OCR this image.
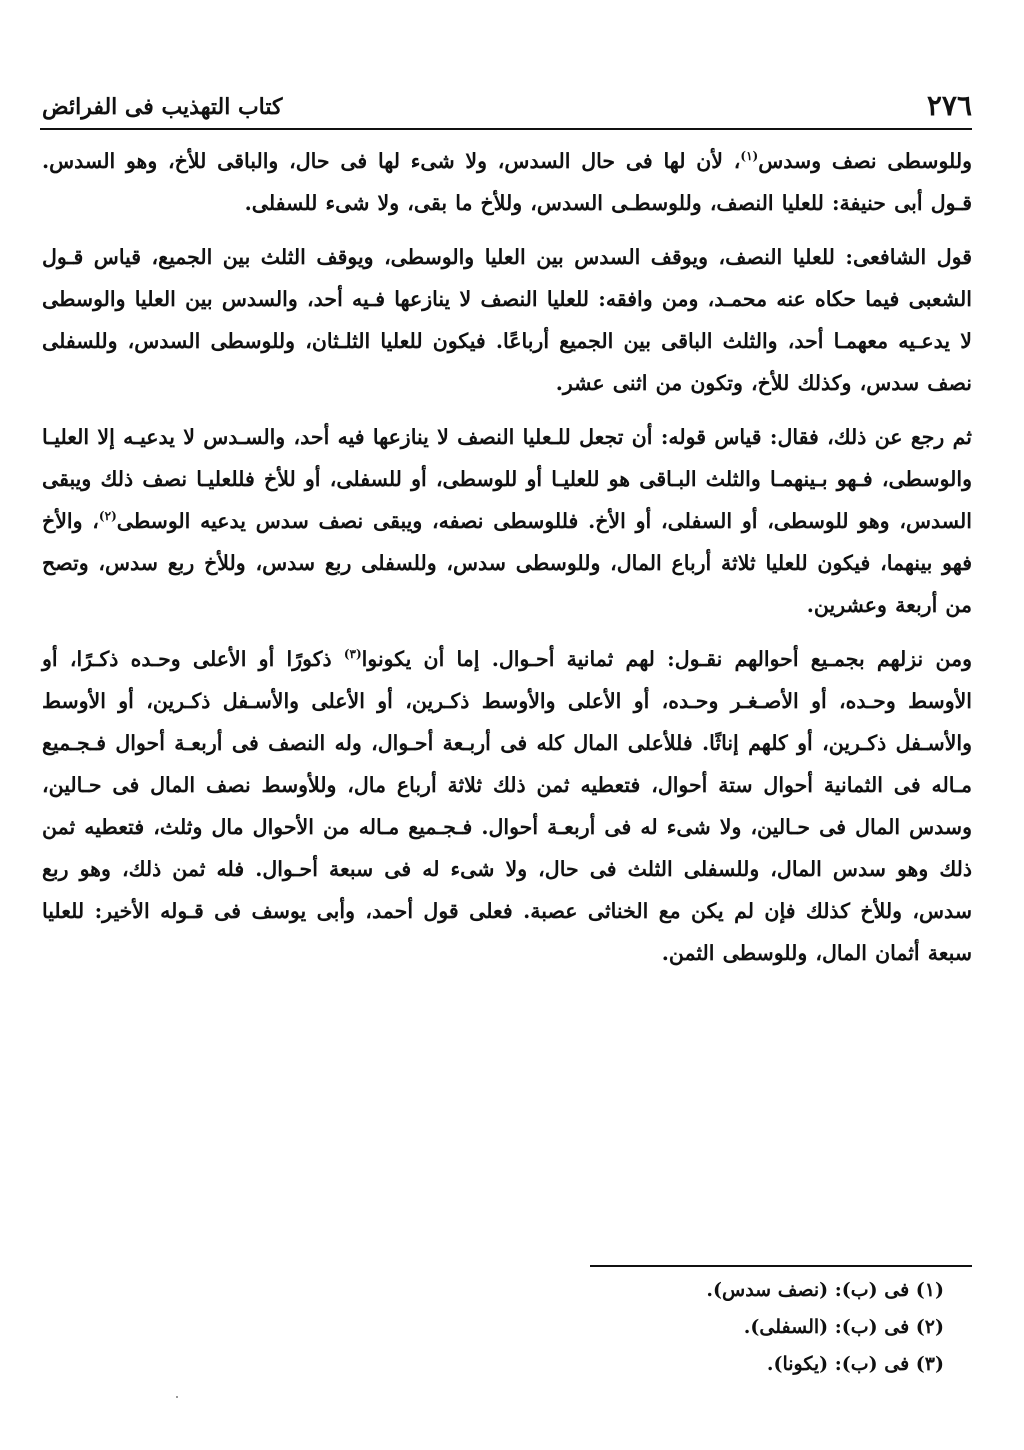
٢٧٦
كتاب التهذيب فى الفرائض

وللوسطى نصف وسدس$^{(١)}$، لأن لها فى حال السدس، ولا شىء لها فى حال، والباقى للأخ، وهو السدس. قـول أبى حنيفة: للعليا النصف، وللوسطـى السدس، وللأخ ما بقى، ولا شىء للسفلى.

قول الشافعى: للعليا النصف، ويوقف السدس بين العليا والوسطى، ويوقف الثلث بين الجميع، قياس قـول الشعبى فيما حكاه عنه محمـد، ومن وافقه: للعليا النصف لا ينازعها فـيه أحد، والسدس بين العليا والوسطى لا يدعـيه معهمـا أحد، والثلث الباقى بين الجميع أرباعًا. فيكون للعليا الثلـثان، وللوسطى السدس، وللسفلى نصف سدس، وكذلك للأخ، وتكون من اثنى عشر.

ثم رجع عن ذلك، فقال: قياس قوله: أن تجعل للـعليا النصف لا ينازعها فيه أحد، والسـدس لا يدعيـه إلا العليـا والوسطى، فـهو بـينهمـا والثلث البـاقى هو للعليـا أو للوسطى، أو للسفلى، أو للأخ فللعليـا نصف ذلك ويبقى السدس، وهو للوسطى، أو السفلى، أو الأخ. فللوسطى نصفه، ويبقى نصف سدس يدعيه الوسطى$^{(٢)}$، والأخ فهو بينهما، فيكون للعليا ثلاثة أرباع المال، وللوسطى سدس، وللسفلى ربع سدس، وللأخ ربع سدس، وتصح من أربعة وعشرين.

ومن نزلهم بجمـيع أحوالهم نقـول: لهم ثمانية أحـوال. إما أن يكونوا$^{(٣)}$ ذكورًا أو الأعلى وحـده ذكـرًا، أو الأوسط وحـده، أو الأصـغـر وحـده، أو الأعلى والأوسط ذكـرين، أو الأعلى والأسـفل ذكـرين، أو الأوسط والأسـفل ذكـرين، أو كلهم إناثًا. فللأعلى المال كله فى أربـعة أحـوال، وله النصف فى أربعـة أحوال فـجـميع مـاله فى الثمانية أحوال ستة أحوال، فتعطيه ثمن ذلك ثلاثة أرباع مال، وللأوسط نصف المال فى حـالين، وسدس المال فى حـالين، ولا شىء له فى أربعـة أحوال. فـجـميع مـاله من الأحوال مال وثلث، فتعطيه ثمن ذلك وهو سدس المال، وللسفلى الثلث فى حال، ولا شىء له فى سبعة أحـوال. فله ثمن ذلك، وهو ربع سدس، وللأخ كذلك فإن لم يكن مع الخناثى عصبة. فعلى قول أحمد، وأبى يوسف فى قـوله الأخير: للعليا سبعة أثمان المال، وللوسطى الثمن.

(١) فى (ب): (نصف سدس).
(٢) فى (ب): (السفلى).
(٣) فى (ب): (يكونا).
